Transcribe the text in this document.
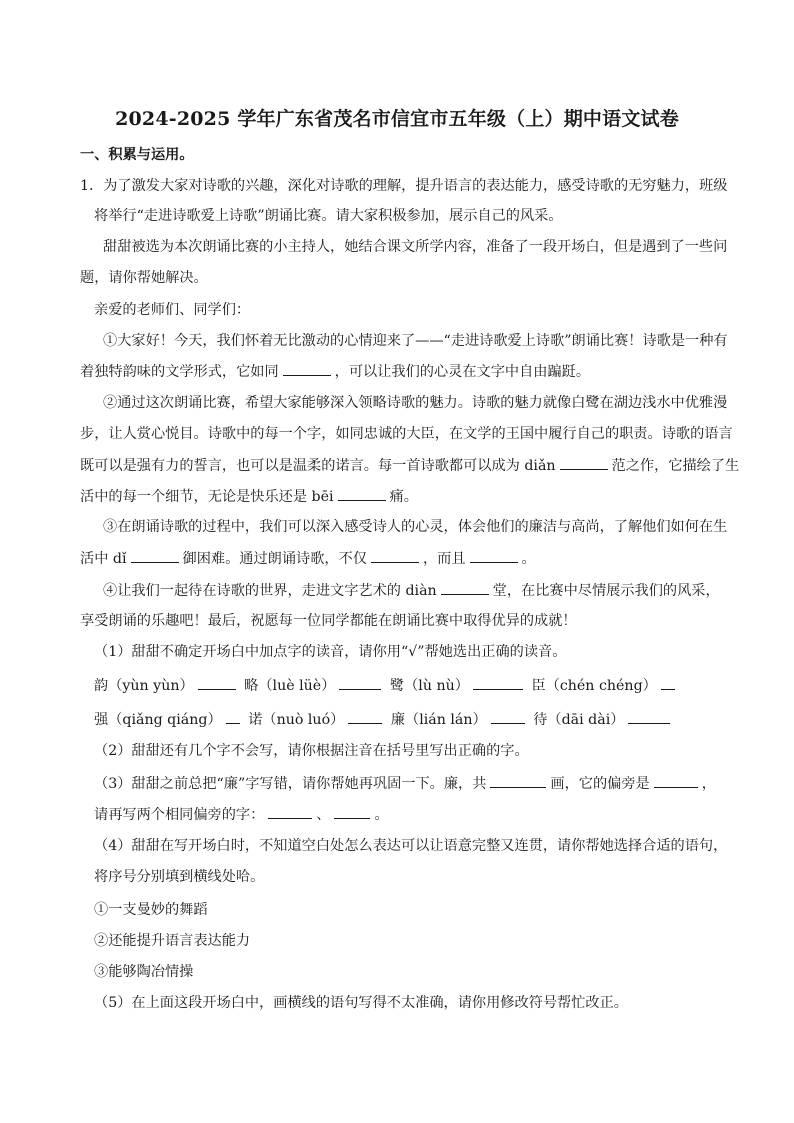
2024-2025 学年广东省茂名市信宜市五年级（上）期中语文试卷
一、积累与运用。
1．为了激发大家对诗歌的兴趣，深化对诗歌的理解，提升语言的表达能力，感受诗歌的无穷魅力，班级
将举行“走进诗歌爱上诗歌”朗诵比赛。请大家积极参加，展示自己的风采。
甜甜被选为本次朗诵比赛的小主持人，她结合课文所学内容，准备了一段开场白，但是遇到了一些问
题，请你帮她解决。
亲爱的老师们、同学们：
①大家好！今天，我们怀着无比激动的心情迎来了——“走进诗歌爱上诗歌”朗诵比赛！诗歌是一种有
着独特韵味的文学形式，它如同	，可以让我们的心灵在文字中自由蹁跹。
②通过这次朗诵比赛，希望大家能够深入领略诗歌的魅力。诗歌的魅力就像白鹭在湖边浅水中优雅漫
步，让人赏心悦目。诗歌中的每一个字，如同忠诚的大臣，在文学的王国中履行自己的职责。诗歌的语言
既可以是强有力的誓言，也可以是温柔的诺言。每一首诗歌都可以成为 diǎn	范之作，它描绘了生
活中的每一个细节，无论是快乐还是 bēi	痛。
③在朗诵诗歌的过程中，我们可以深入感受诗人的心灵，体会他们的廉洁与高尚，了解他们如何在生
活中 dǐ	御困难。通过朗诵诗歌，不仅	，而且	。
④让我们一起待在诗歌的世界，走进文字艺术的 diàn	堂，在比赛中尽情展示我们的风采，
享受朗诵的乐趣吧！最后，祝愿每一位同学都能在朗诵比赛中取得优异的成就！
（1）甜甜不确定开场白中加点字的读音，请你用“√”帮她选出正确的读音。
韵（yùn yùn）	略（luè lüè）	鹭（lù nù）	臣（chén chéng）
强（qiǎng qiáng） 诺（nuò luó）	廉（lián lán）	待（dāi dài）
（2）甜甜还有几个字不会写，请你根据注音在括号里写出正确的字。
（3）甜甜之前总把“廉”字写错，请你帮她再巩固一下。廉，共	画，它的偏旁是	，
请再写两个相同偏旁的字：	、	。
（4）甜甜在写开场白时，不知道空白处怎么表达可以让语意完整又连贯，请你帮她选择合适的语句，
将序号分别填到横线处哈。
①一支曼妙的舞蹈
②还能提升语言表达能力
③能够陶冶情操
（5）在上面这段开场白中，画横线的语句写得不太准确，请你用修改符号帮忙改正。
